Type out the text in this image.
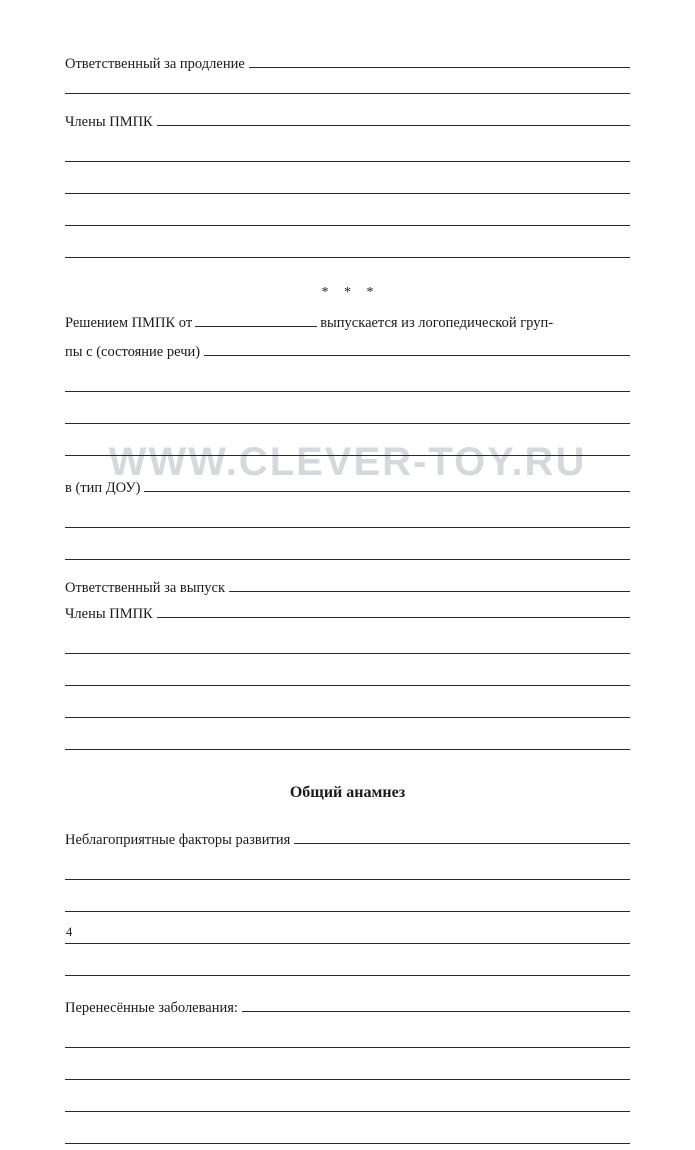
WWW.CLEVER-TOY.RU
Ответственный за продление
Члены ПМПК
* * *
Решением ПМПК от	выпускается из логопедической груп-
пы с (состояние речи)
в (тип ДОУ)
Ответственный за выпуск
Члены ПМПК
Общий анамнез
Неблагоприятные факторы развития
Перенесённые заболевания:
4
